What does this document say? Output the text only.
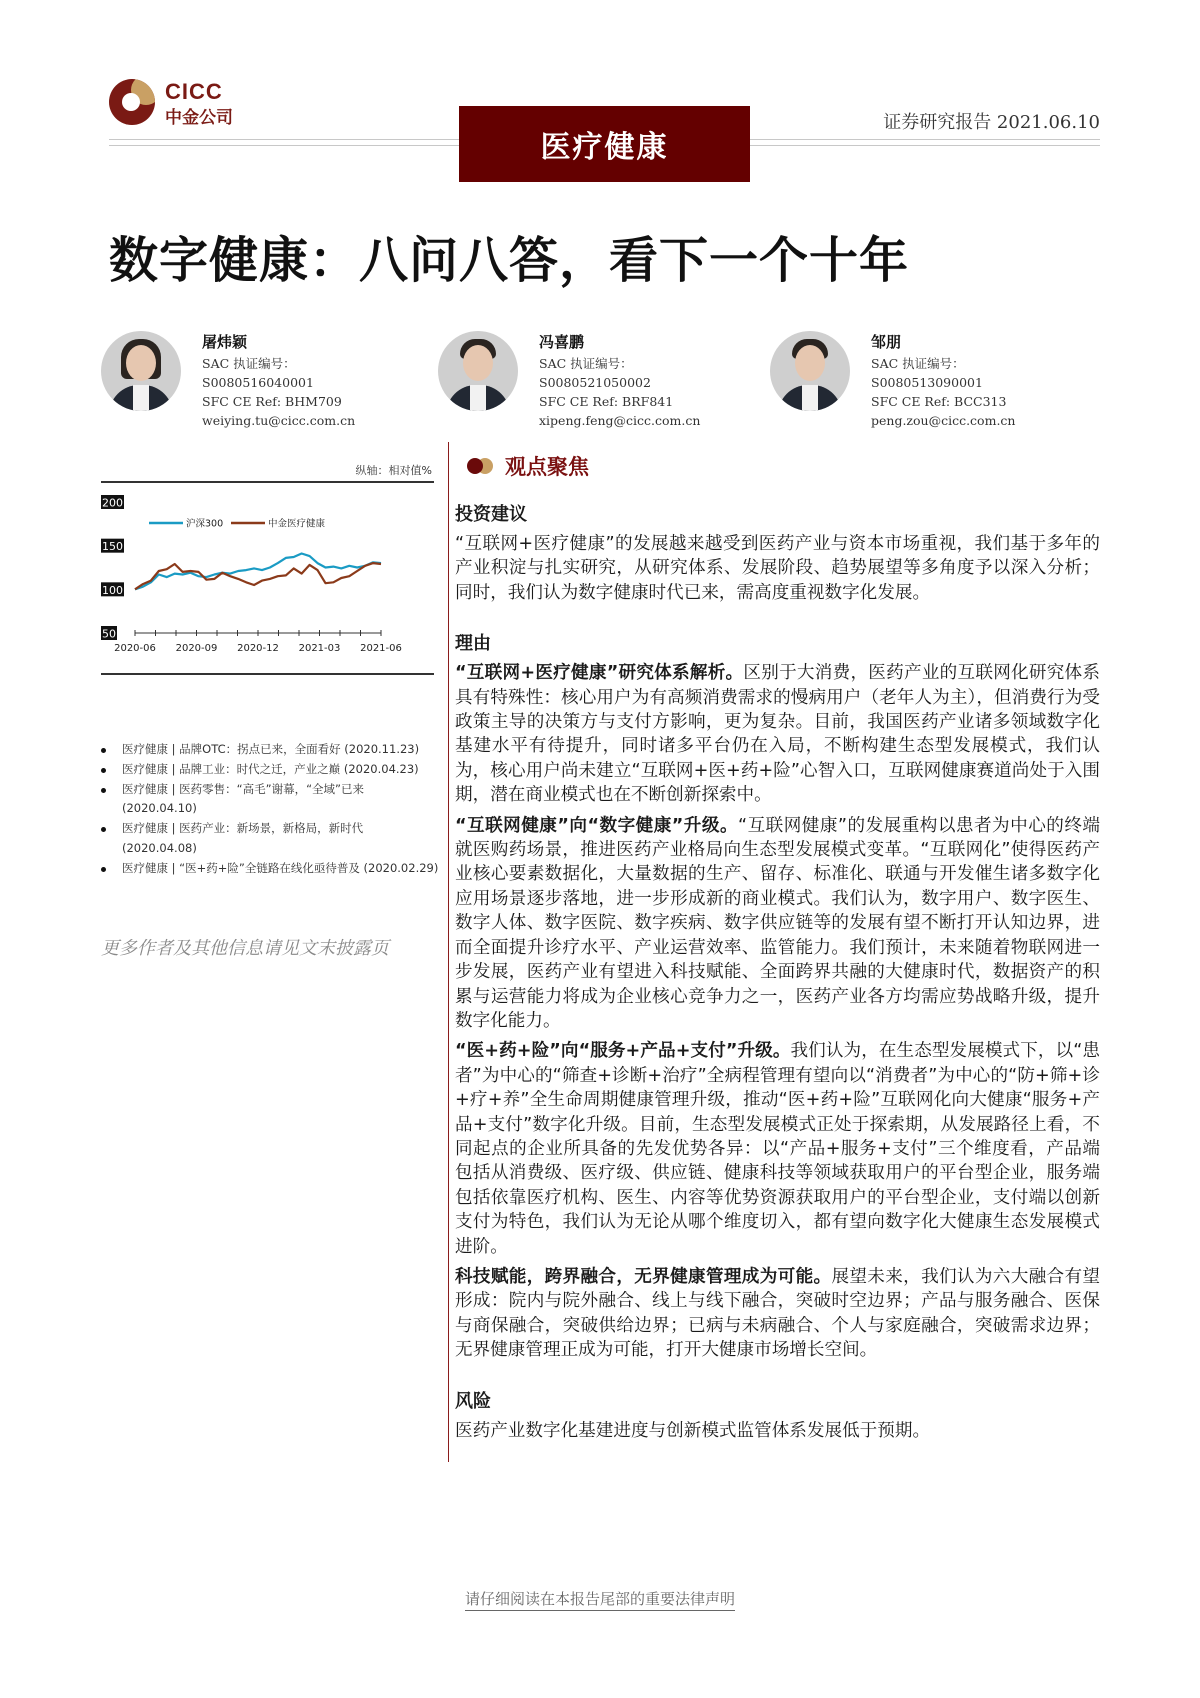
CICC
中金公司
医疗健康
证券研究报告 2021.06.10
数字健康：八问八答，看下一个十年
屠炜颖
SAC 执证编号：S0080516040001
SFC CE Ref: BHM709
weiying.tu@cicc.com.cn
冯喜鹏
SAC 执证编号：S0080521050002
SFC CE Ref: BRF841
xipeng.feng@cicc.com.cn
邹朋
SAC 执证编号：S0080513090001
SFC CE Ref: BCC313
peng.zou@cicc.com.cn
纵轴：相对值%
200
150
100
50
2020-06 2020-09 2020-12 2021-03 2021-06
沪深300	中金医疗健康
医疗健康 | 品牌OTC：拐点已来，全面看好 (2020.11.23)
医疗健康 | 品牌工业：时代之迁，产业之巅 (2020.04.23)
医疗健康 | 医药零售：“高毛”谢幕，“全域”已来 (2020.04.10)
医疗健康 | 医药产业：新场景，新格局，新时代 (2020.04.08)
医疗健康 | “医+药+险”全链路在线化亟待普及 (2020.02.29)
更多作者及其他信息请见文末披露页
观点聚焦
投资建议

“互联网+医疗健康”的发展越来越受到医药产业与资本市场重视，我们基于多年的产业积淀与扎实研究，从研究体系、发展阶段、趋势展望等多角度予以深入分析；同时，我们认为数字健康时代已来，需高度重视数字化发展。

理由

“互联网+医疗健康”研究体系解析。区别于大消费，医药产业的互联网化研究体系具有特殊性：核心用户为有高频消费需求的慢病用户（老年人为主），但消费行为受政策主导的决策方与支付方影响，更为复杂。目前，我国医药产业诸多领域数字化基建水平有待提升，同时诸多平台仍在入局，不断构建生态型发展模式，我们认为，核心用户尚未建立“互联网+医+药+险”心智入口，互联网健康赛道尚处于入围期，潜在商业模式也在不断创新探索中。

“互联网健康”向“数字健康”升级。“互联网健康”的发展重构以患者为中心的终端就医购药场景，推进医药产业格局向生态型发展模式变革。“互联网化”使得医药产业核心要素数据化，大量数据的生产、留存、标准化、联通与开发催生诸多数字化应用场景逐步落地，进一步形成新的商业模式。我们认为，数字用户、数字医生、数字人体、数字医院、数字疾病、数字供应链等的发展有望不断打开认知边界，进而全面提升诊疗水平、产业运营效率、监管能力。我们预计，未来随着物联网进一步发展，医药产业有望进入科技赋能、全面跨界共融的大健康时代，数据资产的积累与运营能力将成为企业核心竞争力之一，医药产业各方均需应势战略升级，提升数字化能力。

“医+药+险”向“服务+产品+支付”升级。我们认为，在生态型发展模式下，以“患者”为中心的“筛查+诊断+治疗”全病程管理有望向以“消费者”为中心的“防+筛+诊+疗+养”全生命周期健康管理升级，推动“医+药+险”互联网化向大健康“服务+产品+支付”数字化升级。目前，生态型发展模式正处于探索期，从发展路径上看，不同起点的企业所具备的先发优势各异：以“产品+服务+支付”三个维度看，产品端包括从消费级、医疗级、供应链、健康科技等领域获取用户的平台型企业，服务端包括依靠医疗机构、医生、内容等优势资源获取用户的平台型企业，支付端以创新支付为特色，我们认为无论从哪个维度切入，都有望向数字化大健康生态发展模式进阶。

科技赋能，跨界融合，无界健康管理成为可能。展望未来，我们认为六大融合有望形成：院内与院外融合、线上与线下融合，突破时空边界；产品与服务融合、医保与商保融合，突破供给边界；已病与未病融合、个人与家庭融合，突破需求边界；无界健康管理正成为可能，打开大健康市场增长空间。

风险

医药产业数字化基建进度与创新模式监管体系发展低于预期。

请仔细阅读在本报告尾部的重要法律声明
